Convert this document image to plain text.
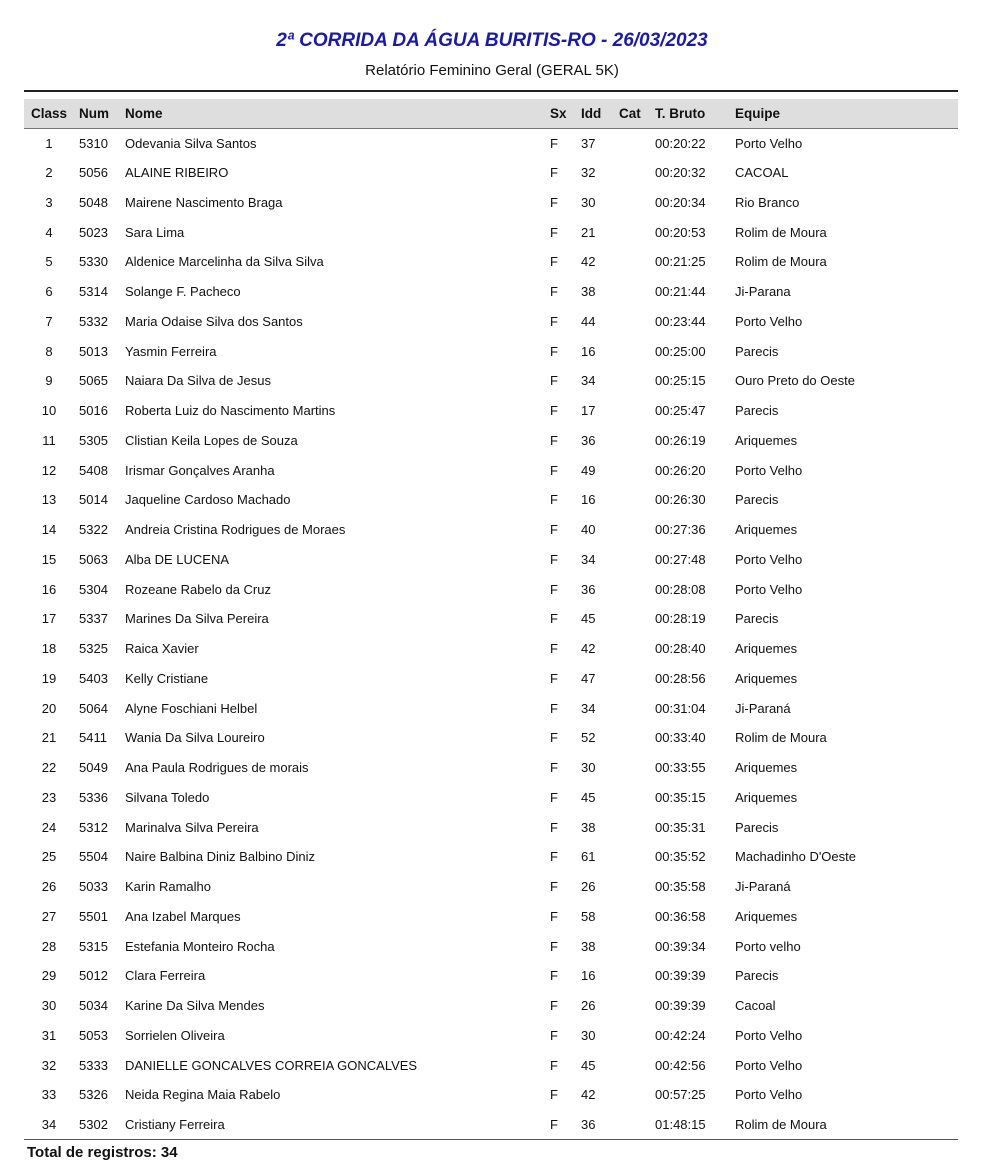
2ª CORRIDA DA ÁGUA BURITIS-RO - 26/03/2023
Relatório Feminino Geral (GERAL 5K)
Class	Num	Nome	Sx	Idd	Cat	T. Bruto	Equipe
1	5310	Odevania Silva Santos	F	37		00:20:22	Porto Velho
2	5056	ALAINE RIBEIRO	F	32		00:20:32	CACOAL
3	5048	Mairene Nascimento Braga	F	30		00:20:34	Rio Branco
4	5023	Sara Lima	F	21		00:20:53	Rolim de Moura
5	5330	Aldenice Marcelinha da Silva Silva	F	42		00:21:25	Rolim de Moura
6	5314	Solange F. Pacheco	F	38		00:21:44	Ji-Parana
7	5332	Maria Odaise Silva dos Santos	F	44		00:23:44	Porto Velho
8	5013	Yasmin Ferreira	F	16		00:25:00	Parecis
9	5065	Naiara Da Silva de Jesus	F	34		00:25:15	Ouro Preto do Oeste
10	5016	Roberta Luiz do Nascimento Martins	F	17		00:25:47	Parecis
11	5305	Clistian Keila Lopes de Souza	F	36		00:26:19	Ariquemes
12	5408	Irismar Gonçalves Aranha	F	49		00:26:20	Porto Velho
13	5014	Jaqueline Cardoso Machado	F	16		00:26:30	Parecis
14	5322	Andreia Cristina Rodrigues de Moraes	F	40		00:27:36	Ariquemes
15	5063	Alba DE LUCENA	F	34		00:27:48	Porto Velho
16	5304	Rozeane Rabelo da Cruz	F	36		00:28:08	Porto Velho
17	5337	Marines Da Silva Pereira	F	45		00:28:19	Parecis
18	5325	Raica Xavier	F	42		00:28:40	Ariquemes
19	5403	Kelly Cristiane	F	47		00:28:56	Ariquemes
20	5064	Alyne Foschiani Helbel	F	34		00:31:04	Ji-Paraná
21	5411	Wania Da Silva Loureiro	F	52		00:33:40	Rolim de Moura
22	5049	Ana Paula Rodrigues de morais	F	30		00:33:55	Ariquemes
23	5336	Silvana Toledo	F	45		00:35:15	Ariquemes
24	5312	Marinalva Silva Pereira	F	38		00:35:31	Parecis
25	5504	Naire Balbina Diniz Balbino Diniz	F	61		00:35:52	Machadinho D'Oeste
26	5033	Karin Ramalho	F	26		00:35:58	Ji-Paraná
27	5501	Ana Izabel Marques	F	58		00:36:58	Ariquemes
28	5315	Estefania Monteiro Rocha	F	38		00:39:34	Porto velho
29	5012	Clara Ferreira	F	16		00:39:39	Parecis
30	5034	Karine Da Silva Mendes	F	26		00:39:39	Cacoal
31	5053	Sorrielen Oliveira	F	30		00:42:24	Porto Velho
32	5333	DANIELLE GONCALVES CORREIA GONCALVES	F	45		00:42:56	Porto Velho
33	5326	Neida Regina Maia Rabelo	F	42		00:57:25	Porto Velho
34	5302	Cristiany Ferreira	F	36		01:48:15	Rolim de Moura
Total de registros: 34
